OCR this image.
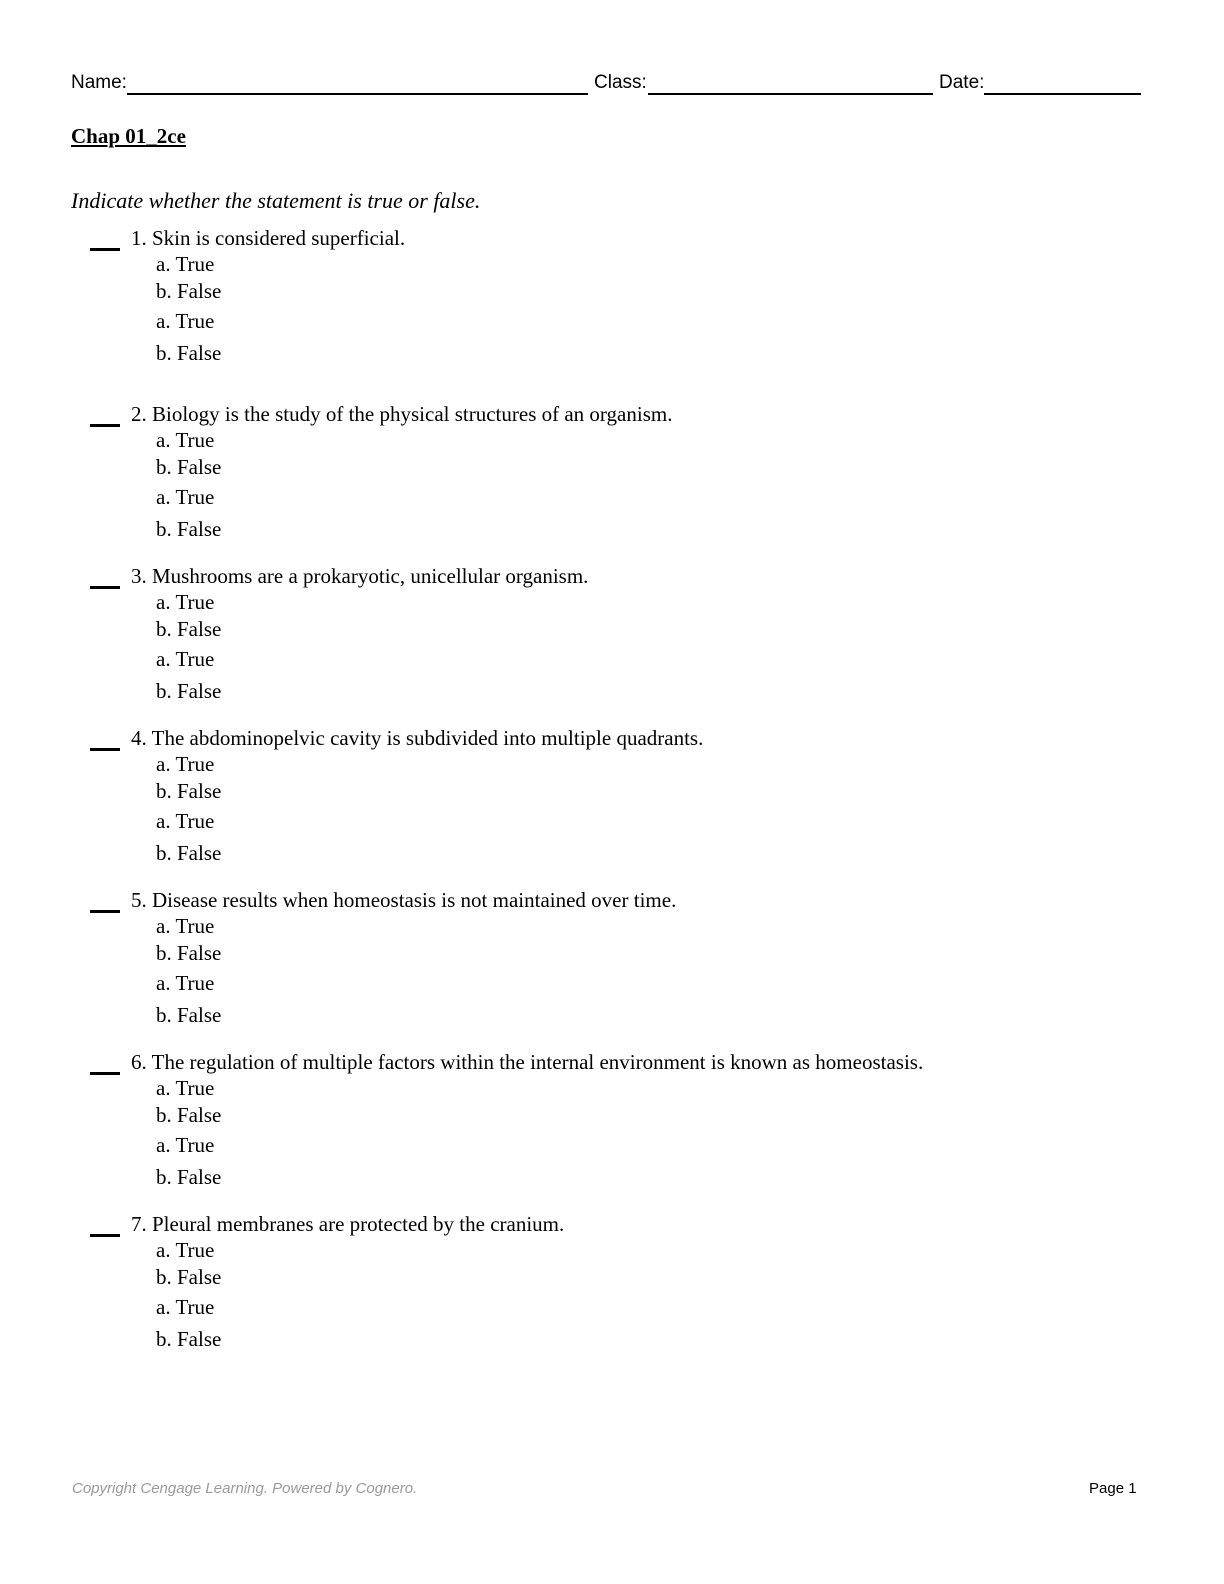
Name:	Class:	Date:
Chap 01_2ce
Indicate whether the statement is true or false.
1. Skin is considered superficial.
a. True
b. False
a. True
b. False
2. Biology is the study of the physical structures of an organism.
a. True
b. False
a. True
b. False
3. Mushrooms are a prokaryotic, unicellular organism.
a. True
b. False
a. True
b. False
4. The abdominopelvic cavity is subdivided into multiple quadrants.
a. True
b. False
a. True
b. False
5. Disease results when homeostasis is not maintained over time.
a. True
b. False
a. True
b. False
6. The regulation of multiple factors within the internal environment is known as homeostasis.
a. True
b. False
a. True
b. False
7. Pleural membranes are protected by the cranium.
a. True
b. False
a. True
b. False
Copyright Cengage Learning. Powered by Cognero.	Page 1
